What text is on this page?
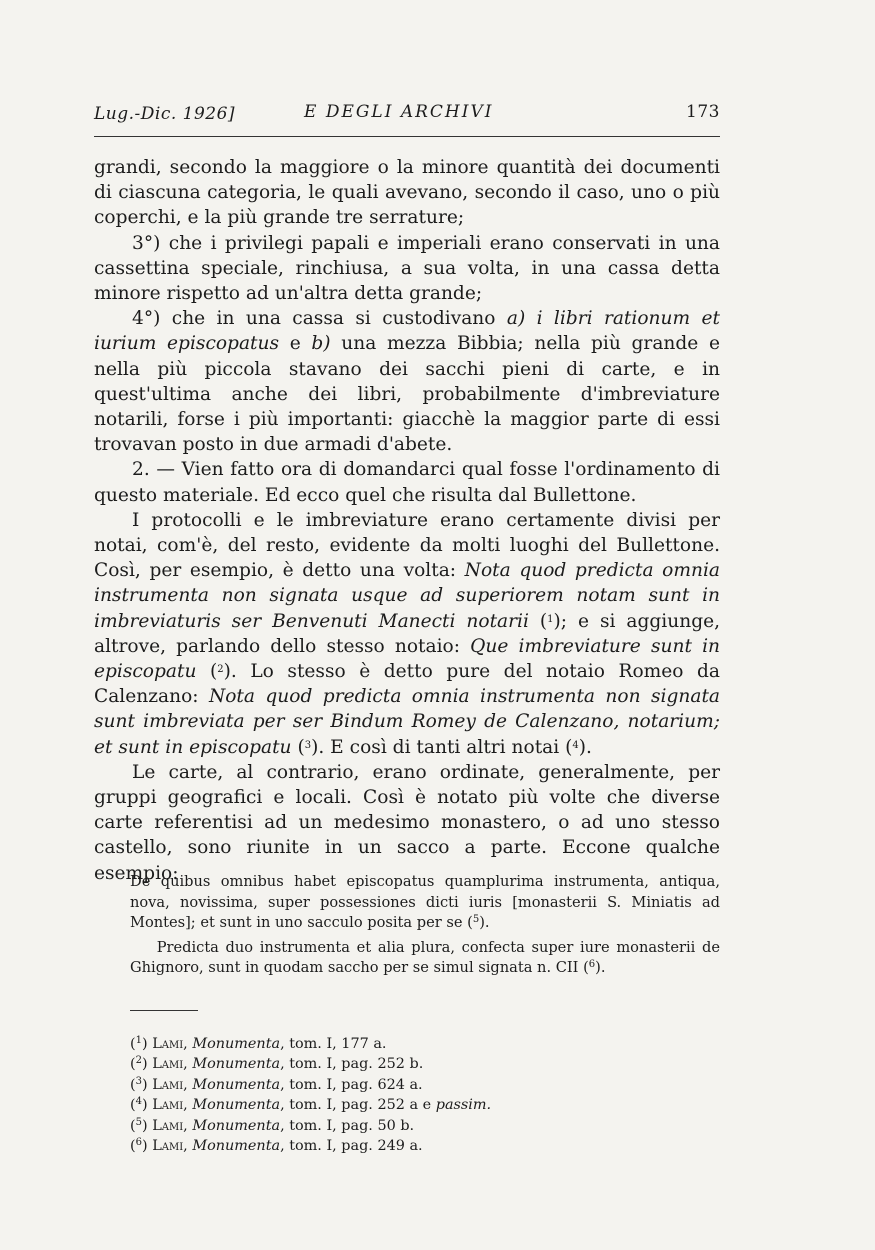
Lug.-Dic. 1926]	E DEGLI ARCHIVI	173

grandi, secondo la maggiore o la minore quantità dei documenti di ciascuna categoria, le quali avevano, secondo il caso, uno o più coperchi, e la più grande tre serrature;

3°) che i privilegi papali e imperiali erano conservati in una cassettina speciale, rinchiusa, a sua volta, in una cassa detta minore rispetto ad un'altra detta grande;

4°) che in una cassa si custodivano a) i libri rationum et iurium episcopatus e b) una mezza Bibbia; nella più grande e nella più piccola stavano dei sacchi pieni di carte, e in quest'ultima anche dei libri, probabilmente d'imbreviature notarili, forse i più importanti: giacchè la maggior parte di essi trovavan posto in due armadi d'abete.

2. — Vien fatto ora di domandarci qual fosse l'ordinamento di questo materiale. Ed ecco quel che risulta dal Bullettone.

I protocolli e le imbreviature erano certamente divisi per notai, com'è, del resto, evidente da molti luoghi del Bullettone. Così, per esempio, è detto una volta: Nota quod predicta omnia instrumenta non signata usque ad superiorem notam sunt in imbreviaturis ser Benvenuti Manecti notarii ($^1$); e si aggiunge, altrove, parlando dello stesso notaio: Que imbreviature sunt in episcopatu ($^2$). Lo stesso è detto pure del notaio Romeo da Calenzano: Nota quod predicta omnia instrumenta non signata sunt imbreviata per ser Bindum Romey de Calenzano, notarium; et sunt in episcopatu ($^3$). E così di tanti altri notai ($^4$).

Le carte, al contrario, erano ordinate, generalmente, per gruppi geografici e locali. Così è notato più volte che diverse carte referentisi ad un medesimo monastero, o ad uno stesso castello, sono riunite in un sacco a parte. Eccone qualche esempio:

De quibus omnibus habet episcopatus quamplurima instrumenta, antiqua, nova, novissima, super possessiones dicti iuris [monasterii S. Miniatis ad Montes]; et sunt in uno sacculo posita per se ($^5$).

Predicta duo instrumenta et alia plura, confecta super iure monasterii de Ghignoro, sunt in quodam saccho per se simul signata n. CII ($^6$).

($^1$) Lami, Monumenta, tom. I, 177 a.
($^2$) Lami, Monumenta, tom. I, pag. 252 b.
($^3$) Lami, Monumenta, tom. I, pag. 624 a.
($^4$) Lami, Monumenta, tom. I, pag. 252 a e passim.
($^5$) Lami, Monumenta, tom. I, pag. 50 b.
($^6$) Lami, Monumenta, tom. I, pag. 249 a.
